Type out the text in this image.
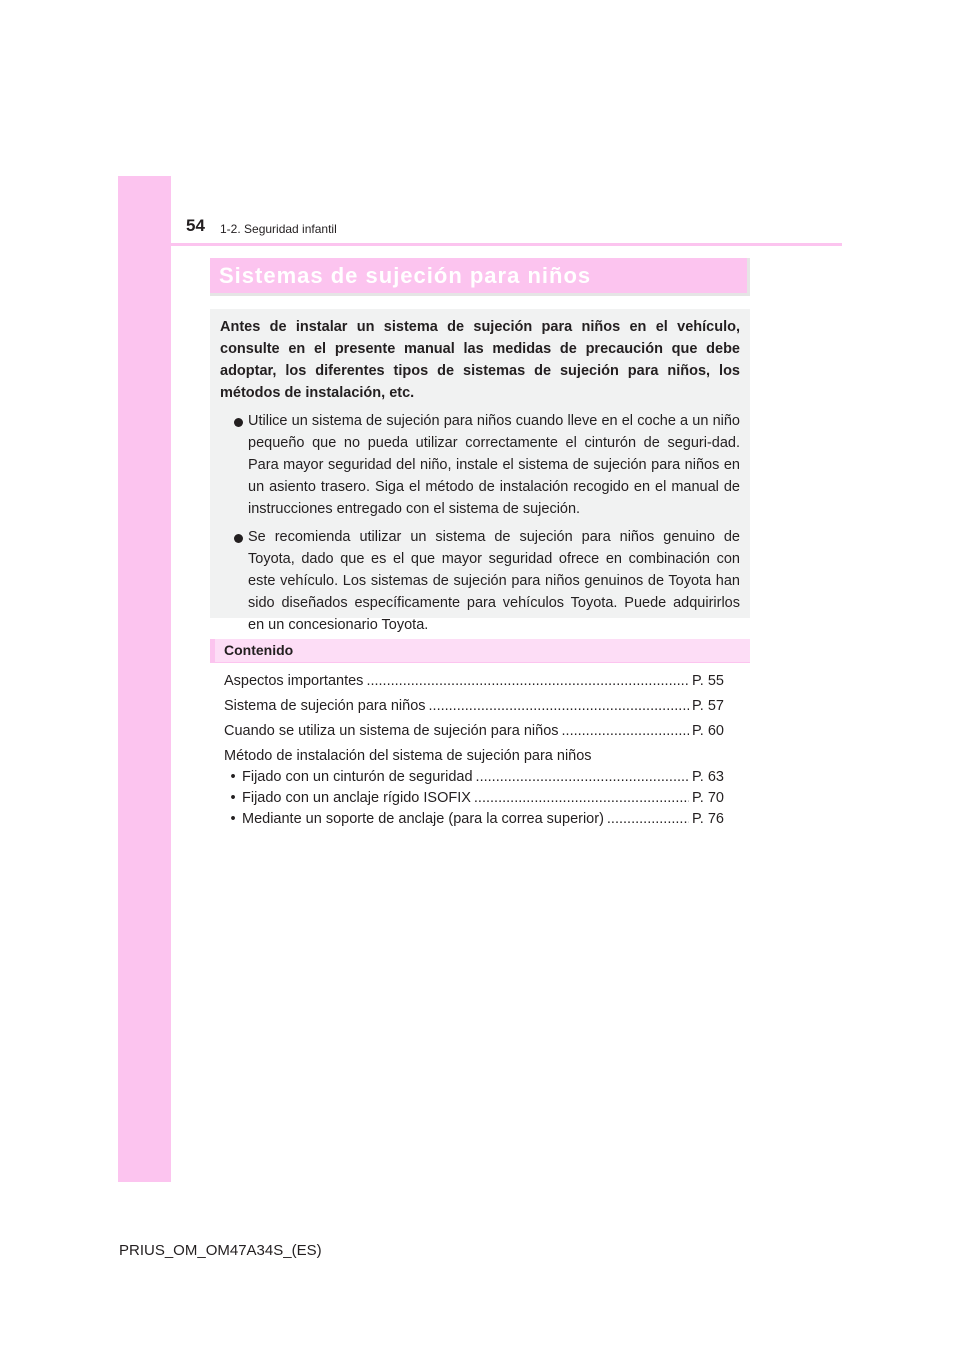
54 1-2. Seguridad infantil
Sistemas de sujeción para niños

Antes de instalar un sistema de sujeción para niños en el vehículo, consulte en el presente manual las medidas de precaución que debe adoptar, los diferentes tipos de sistemas de sujeción para niños, los métodos de instalación, etc.

Utilice un sistema de sujeción para niños cuando lleve en el coche a un niño pequeño que no pueda utilizar correctamente el cinturón de seguri-dad. Para mayor seguridad del niño, instale el sistema de sujeción para niños en un asiento trasero. Siga el método de instalación recogido en el manual de instrucciones entregado con el sistema de sujeción.
Se recomienda utilizar un sistema de sujeción para niños genuino de Toyota, dado que es el que mayor seguridad ofrece en combinación con este vehículo. Los sistemas de sujeción para niños genuinos de Toyota han sido diseñados específicamente para vehículos Toyota. Puede adquirirlos en un concesionario Toyota.
Contenido
Aspectos importantes .....	P. 55
Sistema de sujeción para niños .....	P. 57
Cuando se utiliza un sistema de sujeción para niños .....	P. 60
Método de instalación del sistema de sujeción para niños
• Fijado con un cinturón de seguridad .....	P. 63
• Fijado con un anclaje rígido ISOFIX .....	P. 70
• Mediante un soporte de anclaje (para la correa superior) .....	P. 76
PRIUS_OM_OM47A34S_(ES)
